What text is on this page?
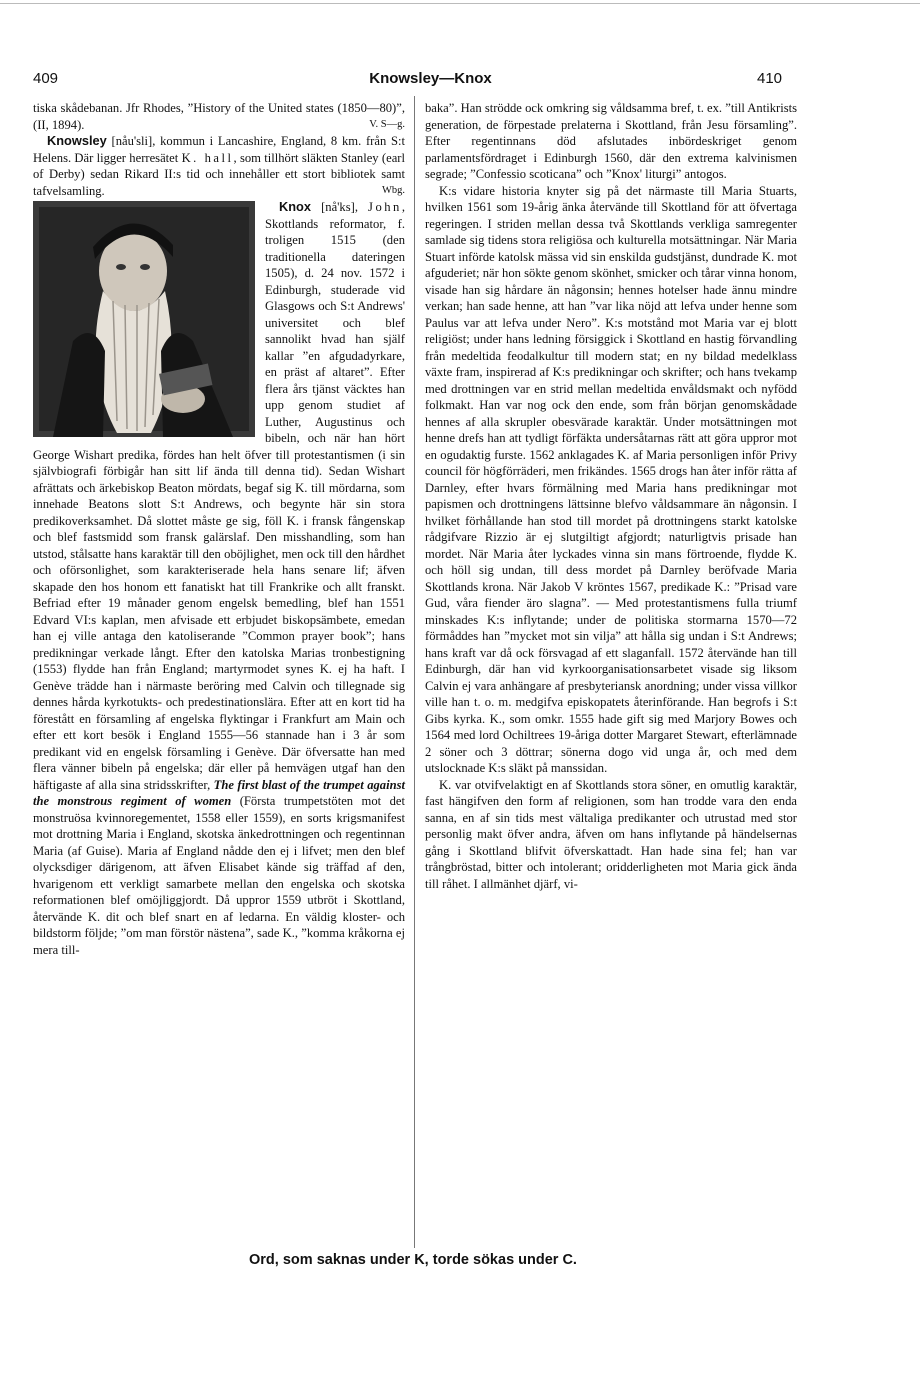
409	Knowsley—Knox	410

tiska skådebanan. Jfr Rhodes, ”History of the United states (1850—80)”, (II, 1894).	V. S—g.

Knowsley [nåu'sli], kommun i Lancashire, England, 8 km. från S:t Helens. Där ligger herresätet K. hall, som tillhört släkten Stanley (earl of Derby) sedan Rikard II:s tid och innehåller ett stort bibliotek samt tafvelsamling.	Wbg.

Knox [nå'ks], John
, Skottlands reformator, f. troligen 1515 (den traditionella dateringen 1505), d. 24 nov. 1572 i Edinburgh, studerade vid Glasgows och S:t Andrews' universitet och blef sannolikt hvad han själf kallar ”en afgudadyrkare, en präst af altaret”. Efter flera års tjänst väcktes han upp genom studiet af Luther, Augustinus och bibeln, och när han hört George Wishart predika, fördes han helt öfver till protestantismen (i sin självbiografi förbigår han sitt lif ända till denna tid). Sedan Wishart afrättats och ärkebiskop Beaton mördats, begaf sig K. till mördarna, som innehade Beatons slott S:t Andrews, och begynte här sin stora predikoverksamhet. Då slottet måste ge sig, föll K. i fransk fångenskap och blef fastsmidd som fransk galärslaf. Den misshandling, som han utstod, stålsatte hans karaktär till den oböjlighet, men ock till den hårdhet och oförsonlighet, som karakteriserade hela hans senare lif; äfven skapade den hos honom ett fanatiskt hat till Frankrike och allt franskt. Befriad efter 19 månader genom engelsk bemedling, blef han 1551 Edvard VI:s kaplan, men afvisade ett erbjudet biskopsämbete, emedan han ej ville antaga den katoliserande ”Common prayer book”; hans predikningar verkade långt. Efter den katolska Marias tronbestigning (1553) flydde han från England; martyrmodet synes K. ej ha haft. I Genève trädde han i närmaste beröring med Calvin och tillegnade sig dennes hårda kyrkotukts- och predestinationslära. Efter att en kort tid ha förestått en församling af engelska flyktingar i Frankfurt am Main och efter ett kort besök i England 1555—56 stannade han i 3 år som predikant vid en engelsk församling i Genève. Där öfversatte han med flera vänner bibeln på engelska; där eller på hemvägen utgaf han den häftigaste af alla sina stridsskrifter, The first blast of the trumpet against the monstrous regiment of women (Första trumpetstöten mot det monstruösa kvinnoregementet, 1558 eller 1559), en sorts krigsmanifest mot drottning Maria i England, skotska änkedrottningen och regentinnan Maria (af Guise). Maria af England nådde den ej i lifvet; men den blef olycksdiger därigenom, att äfven Elisabet kände sig träffad af den, hvarigenom ett verkligt samarbete mellan den engelska och skotska reformationen blef omöjliggjordt. Då uppror 1559 utbröt i Skottland, återvände K. dit och blef snart en af ledarna. En väldig kloster- och bildstorm följde; ”om man förstör nästena”, sade K., ”komma kråkorna ej mera till-

baka”. Han strödde ock omkring sig våldsamma bref, t. ex. ”till Antikrists generation, de förpestade prelaterna i Skottland, från Jesu församling”. Efter regentinnans död afslutades inbördeskriget genom parlamentsfördraget i Edinburgh 1560, där den extrema kalvinismen segrade; ”Confessio scoticana” och ”Knox' liturgi” antogos.

K:s vidare historia knyter sig på det närmaste till Maria Stuarts, hvilken 1561 som 19-årig änka återvände till Skottland för att öfvertaga regeringen. I striden mellan dessa två Skottlands verkliga samregenter samlade sig tidens stora religiösa och kulturella motsättningar. När Maria Stuart införde katolsk mässa vid sin enskilda gudstjänst, dundrade K. mot afguderiet; när hon sökte genom skönhet, smicker och tårar vinna honom, visade han sig hårdare än någonsin; hennes hotelser hade ännu mindre verkan; han sade henne, att han ”var lika nöjd att lefva under henne som Paulus var att lefva under Nero”. K:s motstånd mot Maria var ej blott religiöst; under hans ledning försiggick i Skottland en hastig förvandling från medeltida feodalkultur till modern stat; en ny bildad medelklass växte fram, inspirerad af K:s predikningar och skrifter; och hans tvekamp med drottningen var en strid mellan medeltida envåldsmakt och nyfödd folkmakt. Han var nog ock den ende, som från början genomskådade hennes af alla skrupler obesvärade karaktär. Under motsättningen mot henne drefs han att tydligt förfäkta undersåtarnas rätt att göra uppror mot en ogudaktig furste. 1562 anklagades K. af Maria personligen inför Privy council för högförräderi, men frikändes. 1565 drogs han åter inför rätta af Darnley, efter hvars förmälning med Maria hans predikningar mot papismen och drottningens lättsinne blefvo våldsammare än någonsin. I hvilket förhållande han stod till mordet på drottningens starkt katolske rådgifvare Rizzio är ej slutgiltigt afgjordt; naturligtvis prisade han mordet. När Maria åter lyckades vinna sin mans förtroende, flydde K. och höll sig undan, till dess mordet på Darnley beröfvade Maria Skottlands krona. När Jakob V kröntes 1567, predikade K.: ”Prisad vare Gud, våra fiender äro slagna”. — Med protestantismens fulla triumf minskades K:s inflytande; under de politiska stormarna 1570—72 förmåddes han ”mycket mot sin vilja” att hålla sig undan i S:t Andrews; hans kraft var då ock försvagad af ett slaganfall. 1572 återvände han till Edinburgh, där han vid kyrkoorganisationsarbetet visade sig liksom Calvin ej vara anhängare af presbyteriansk anordning; under vissa villkor ville han t. o. m. medgifva episkopatets återinförande. Han begrofs i S:t Gibs kyrka. K., som omkr. 1555 hade gift sig med Marjory Bowes och 1564 med lord Ochiltrees 19-åriga dotter Margaret Stewart, efterlämnade 2 söner och 3 döttrar; sönerna dogo vid unga år, och med dem utslocknade K:s släkt på manssidan.

K. var otvifvelaktigt en af Skottlands stora söner, en omutlig karaktär, fast hängifven den form af religionen, som han trodde vara den enda sanna, en af sin tids mest vältaliga predikanter och utrustad med stor personlig makt öfver andra, äfven om hans inflytande på händelsernas gång i Skottland blifvit öfverskattadt. Han hade sina fel; han var trångbröstad, bitter och intolerant; oridderligheten mot Maria gick ända till råhet. I allmänhet djärf, vi-

Ord, som saknas under K, torde sökas under C.
